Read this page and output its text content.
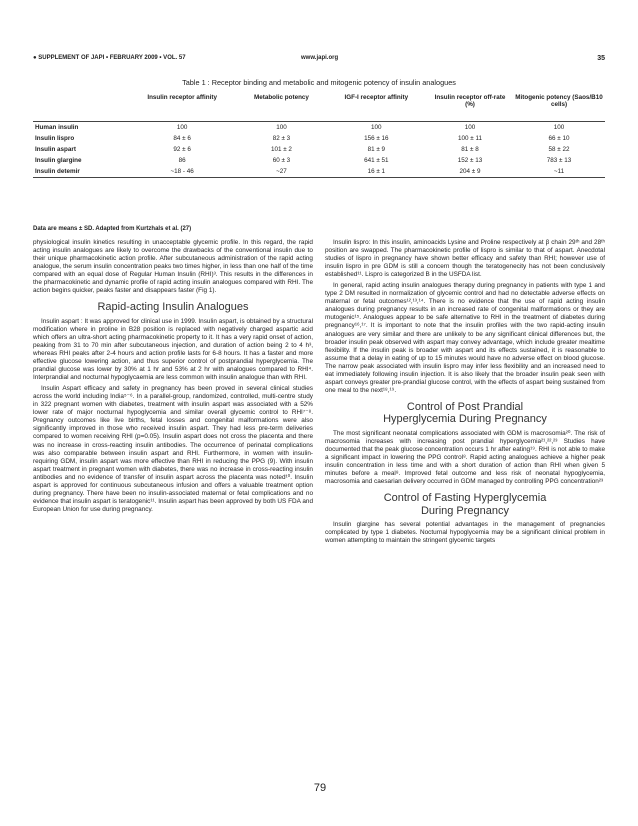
● SUPPLEMENT OF JAPI • FEBRUARY 2009 • VOL. 57	www.japi.org	35
Table 1 : Receptor binding and metabolic and mitogenic potency of insulin analogues
	Insulin receptor affinity	Metabolic potency	IGF-I receptor affinity	Insulin receptor off-rate (%)	Mitogenic potency (Saos/B10 cells)
Human insulin	100	100	100	100	100
Insulin lispro	84 ± 6	82 ± 3	156 ± 16	100 ± 11	66 ± 10
Insulin aspart	92 ± 6	101 ± 2	81 ± 9	81 ± 8	58 ± 22
Insulin glargine	86	60 ± 3	641 ± 51	152 ± 13	783 ± 13
Insulin detemir	~18 - 46	~27	16 ± 1	204 ± 9	~11
Data are means ± SD. Adapted from Kurtzhals et al. (27)

physiological insulin kinetics resulting in unacceptable glycemic profile. In this regard, the rapid acting insulin analogues are likely to overcome the drawbacks of the conventional insulin due to their unique pharmacokinetic action profile. After subcutaneous administration of the rapid acting analogue, the serum insulin concentration peaks two times higher, in less than one half of the time compared with an equal dose of Regular Human Insulin (RHI)³. This results in the differences in the pharmacokinetic and dynamic profile of rapid acting insulin analogues compared with RHI. The action begins quicker, peaks faster and disappears faster (Fig 1).

Rapid-acting Insulin Analogues

Insulin aspart : It was approved for clinical use in 1999. Insulin aspart, is obtained by a structural modification where in proline in B28 position is replaced with negatively charged aspartic acid which offers an ultra-short acting pharmacokinetic property to it. It has a very rapid onset of action, peaking from 31 to 70 min after subcutaneous injection, and duration of action being 2 to 4 h³, whereas RHI peaks after 2-4 hours and action profile lasts for 6-8 hours. It has a faster and more effective glucose lowering action, and thus superior control of postprandial hyperglycemia. The prandial glucose was lower by 30% at 1 hr and 53% at 2 hr with analogues compared to RHI⁴. Interprandial and nocturnal hypoglycaemia are less common with insulin analogue than with RHI.

Insulin Aspart efficacy and safety in pregnancy has been proved in several clinical studies across the world including India⁵⁻⁶. In a parallel-group, randomized, controlled, multi-centre study in 322 pregnant women with diabetes, treatment with insulin aspart was associated with a 52% lower rate of major nocturnal hypoglycemia and similar overall glycemic control to RHI⁷⁻⁸. Pregnancy outcomes like live births, fetal losses and congenital malformations were also significantly improved in those who received insulin aspart. They had less pre-term deliveries compared to women receiving RHI (p=0.05). Insulin aspart does not cross the placenta and there was no increase in cross-reacting insulin antibodies. The occurrence of perinatal complications was also comparable between insulin aspart and RHI. Furthermore, in women with insulin-requiring GDM, insulin aspart was more effective than RHI in reducing the PPG (9). With insulin aspart treatment in pregnant women with diabetes, there was no increase in cross-reacting insulin antibodies and no evidence of transfer of insulin aspart across the placenta was noted¹⁰. Insulin aspart is approved for continuous subcutaneous infusion and offers a valuable treatment option during pregnancy. There have been no insulin-associated maternal or fetal complications and no evidence that insulin aspart is teratogenic¹¹. Insulin aspart has been approved by both US FDA and European Union for use during pregnancy.

Insulin lispro: In this insulin, aminoacids Lysine and Proline respectively at β chain 29ᵗʰ and 28ᵗʰ position are swapped. The pharmacokinetic profile of lispro is similar to that of aspart. Anecdotal studies of lispro in pregnancy have shown better efficacy and safety than RHI; however use of insulin lispro in pre GDM is still a concern though the teratogenecity has not been conclusively established¹¹. Lispro is categorized B in the USFDA list.

In general, rapid acting insulin analogues therapy during pregnancy in patients with type 1 and type 2 DM resulted in normalization of glycemic control and had no detectable adverse effects on maternal or fetal outcomes¹²,¹³,¹⁴. There is no evidence that the use of rapid acting insulin analogues during pregnancy results in an increased rate of congenital malformations or they are mutogenic¹⁵. Analogues appear to be safe alternative to RHI in the treatment of diabetes during pregnancy¹⁶,¹⁷. It is important to note that the insulin profiles with the two rapid-acting insulin analogues are very similar and there are unlikely to be any significant clinical differences but, the broader insulin peak observed with aspart may convey advantage, which include greater mealtime flexibility. If the insulin peak is broader with aspart and its effects sustained, it is reasonable to assume that a delay in eating of up to 15 minutes would have no adverse effect on blood glucose. The narrow peak associated with insulin lispro may infer less flexibility and an increased need to eat immediately following insulin injection. It is also likely that the broader insulin peak seen with aspart conveys greater pre-prandial glucose control, with the effects of aspart being sustained from one meal to the next¹⁸,¹⁹.

Control of Post Prandial
Hyperglycemia During Pregnancy

The most significant neonatal complications associated with GDM is macrosomia²⁰. The risk of macrosomia increases with increasing post prandial hyperglycemia²¹,²²,²³ Studies have documented that the peak glucose concentration occurs 1 hr after eating¹⁹. RHI is not able to make a significant impact in lowering the PPG control⁸. Rapid acting analogues achieve a higher peak insulin concentration in less time and with a short duration of action than RHI when given 5 minutes before a meal⁸. Improved fetal outcome and less risk of neonatal hypoglycemia, macrosomia and caesarian delivery occurred in GDM managed by controlling PPG concentration²³

Control of Fasting Hyperglycemia
During Pregnancy

Insulin glargine has several potential advantages in the management of pregnancies complicated by type 1 diabetes. Nocturnal hypoglycemia may be a significant clinical problem in women attempting to maintain the stringent glycemic targets

79
